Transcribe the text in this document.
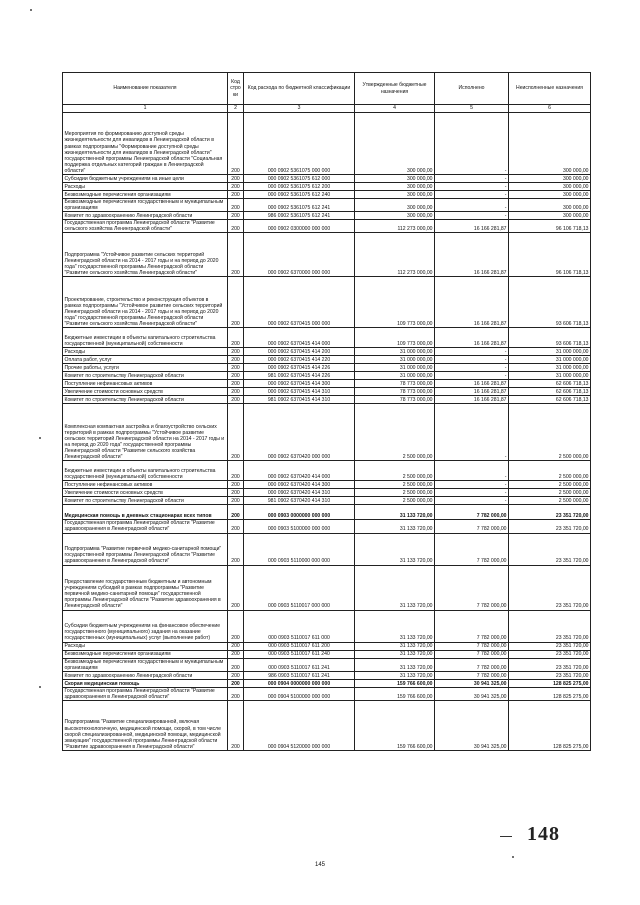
Наименование показателя	Код стро ки	Код расхода по бюджетной классификации	Утвержденные бюджетные назначения	Исполнено	Неисполненные назначения
1	2	3	4	5	6
Мероприятия по формированию доступной среды жизнедеятельности для инвалидов в Ленинградской области в рамках подпрограммы "Формирование доступной среды жизнедеятельности для инвалидов в Ленинградской области" государственной программы Ленинградской области "Социальная поддержка отдельных категорий граждан в Ленинградской области"	200	000 0902 5361075 000 000	300 000,00	-	300 000,00
Субсидии бюджетным учреждениям на иные цели	200	000 0902 5361075 612 000	300 000,00	-	300 000,00
Расходы	200	000 0902 5361075 612 200	300 000,00	-	300 000,00
Безвозмездные перечисления организациям	200	000 0902 5361075 612 240	300 000,00	-	300 000,00
Безвозмездные перечисления государственным и муниципальным организациям	200	000 0902 5361075 612 241	300 000,00	-	300 000,00
Комитет по здравоохранению Ленинградской области	200	986 0902 5361075 612 241	300 000,00	-	300 000,00
Государственная программа Ленинградской области "Развитие сельского хозяйства Ленинградской области"	200	000 0902 0300000 000 000	112 273 000,00	16 166 281,87	96 106 718,13
Подпрограмма "Устойчивое развитие сельских территорий Ленинградской области на 2014 - 2017 годы и на период до 2020 года" государственной программы Ленинградской области "Развитие сельского хозяйства Ленинградской области"	200	000 0902 6370000 000 000	112 273 000,00	16 166 281,87	96 106 718,13
Проектирование, строительство и реконструкция объектов в рамках подпрограммы "Устойчивое развитие сельских территорий Ленинградской области на 2014 - 2017 годы и на период до 2020 года" государственной программы Ленинградской области "Развитие сельского хозяйства Ленинградской области"	200	000 0902 6370415 000 000	109 773 000,00	16 166 281,87	93 606 718,13
Бюджетные инвестиции в объекты капитального строительства государственной (муниципальной) собственности	200	000 0902 6370415 414 000	109 773 000,00	16 166 281,87	93 606 718,13
Расходы	200	000 0902 6370415 414 200	31 000 000,00	-	31 000 000,00
Оплата работ, услуг	200	000 0902 6370415 414 220	31 000 000,00	-	31 000 000,00
Прочие работы, услуги	200	000 0902 6370415 414 226	31 000 000,00	-	31 000 000,00
Комитет по строительству Ленинградской области	200	981 0902 6370415 414 226	31 000 000,00	-	31 000 000,00
Поступление нефинансовых активов	200	000 0902 6370415 414 300	78 773 000,00	16 166 281,87	62 606 718,13
Увеличение стоимости основных средств	200	000 0902 6370415 414 310	78 773 000,00	16 166 281,87	62 606 718,13
Комитет по строительству Ленинградской области	200	981 0902 6370415 414 310	78 773 000,00	16 166 281,87	62 606 718,13
Комплексная компактная застройка и благоустройство сельских территорий в рамках подпрограммы "Устойчивое развитие сельских территорий Ленинградской области на 2014 - 2017 годы и на период до 2020 года" государственной программы Ленинградской области "Развитие сельского хозяйства Ленинградской области"	200	000 0902 6370420 000 000	2 500 000,00	-	2 500 000,00
Бюджетные инвестиции в объекты капитального строительства государственной (муниципальной) собственности	200	000 0902 6370420 414 000	2 500 000,00	-	2 500 000,00
Поступление нефинансовых активов	200	000 0902 6370420 414 300	2 500 000,00	-	2 500 000,00
Увеличение стоимости основных средств	200	000 0902 6370420 414 310	2 500 000,00	-	2 500 000,00
Комитет по строительству Ленинградской области	200	981 0902 6370420 414 310	2 500 000,00	-	2 500 000,00
Медицинская помощь в дневных стационарах всех типов	200	000 0903 0000000 000 000	31 133 720,00	7 782 000,00	23 351 720,00
Государственная программа Ленинградской области "Развитие здравоохранения в Ленинградской области"	200	000 0903 5100000 000 000	31 133 720,00	7 782 000,00	23 351 720,00
Подпрограмма "Развитие первичной медико-санитарной помощи" государственной программы Ленинградской области "Развитие здравоохранения в Ленинградской области"	200	000 0903 5110000 000 000	31 133 720,00	7 782 000,00	23 351 720,00
Предоставление государственным бюджетным и автономным учреждениям субсидий в рамках подпрограммы "Развитие первичной медико-санитарной помощи" государственной программы Ленинградской области "Развитие здравоохранения в Ленинградской области"	200	000 0903 5110017 000 000	31 133 720,00	7 782 000,00	23 351 720,00
Субсидии бюджетным учреждениям на финансовое обеспечение государственного (муниципального) задания на оказание государственных (муниципальных) услуг (выполнение работ)	200	000 0903 5110017 611 000	31 133 720,00	7 782 000,00	23 351 720,00
Расходы	200	000 0903 5110017 611 200	31 133 720,00	7 782 000,00	23 351 720,00
Безвозмездные перечисления организациям	200	000 0903 5110017 611 240	31 133 720,00	7 782 000,00	23 351 720,00
Безвозмездные перечисления государственным и муниципальным организациям	200	000 0903 5110017 611 241	31 133 720,00	7 782 000,00	23 351 720,00
Комитет по здравоохранению Ленинградской области	200	986 0903 5110017 611 241	31 133 720,00	7 782 000,00	23 351 720,00
Скорая медицинская помощь	200	000 0904 0000000 000 000	159 766 600,00	30 941 325,00	128 825 275,00
Государственная программа Ленинградской области "Развитие здравоохранения в Ленинградской области"	200	000 0904 5100000 000 000	159 766 600,00	30 941 325,00	128 825 275,00
Подпрограмма "Развитие специализированной, включая высокотехнологичную, медицинской помощи, скорой, в том числе скорой специализированной, медицинской помощи, медицинской эвакуации" государственной программы Ленинградской области "Развитие здравоохранения в Ленинградской области"	200	000 0904 5120000 000 000	159 766 600,00	30 941 325,00	128 825 275,00
148
145
